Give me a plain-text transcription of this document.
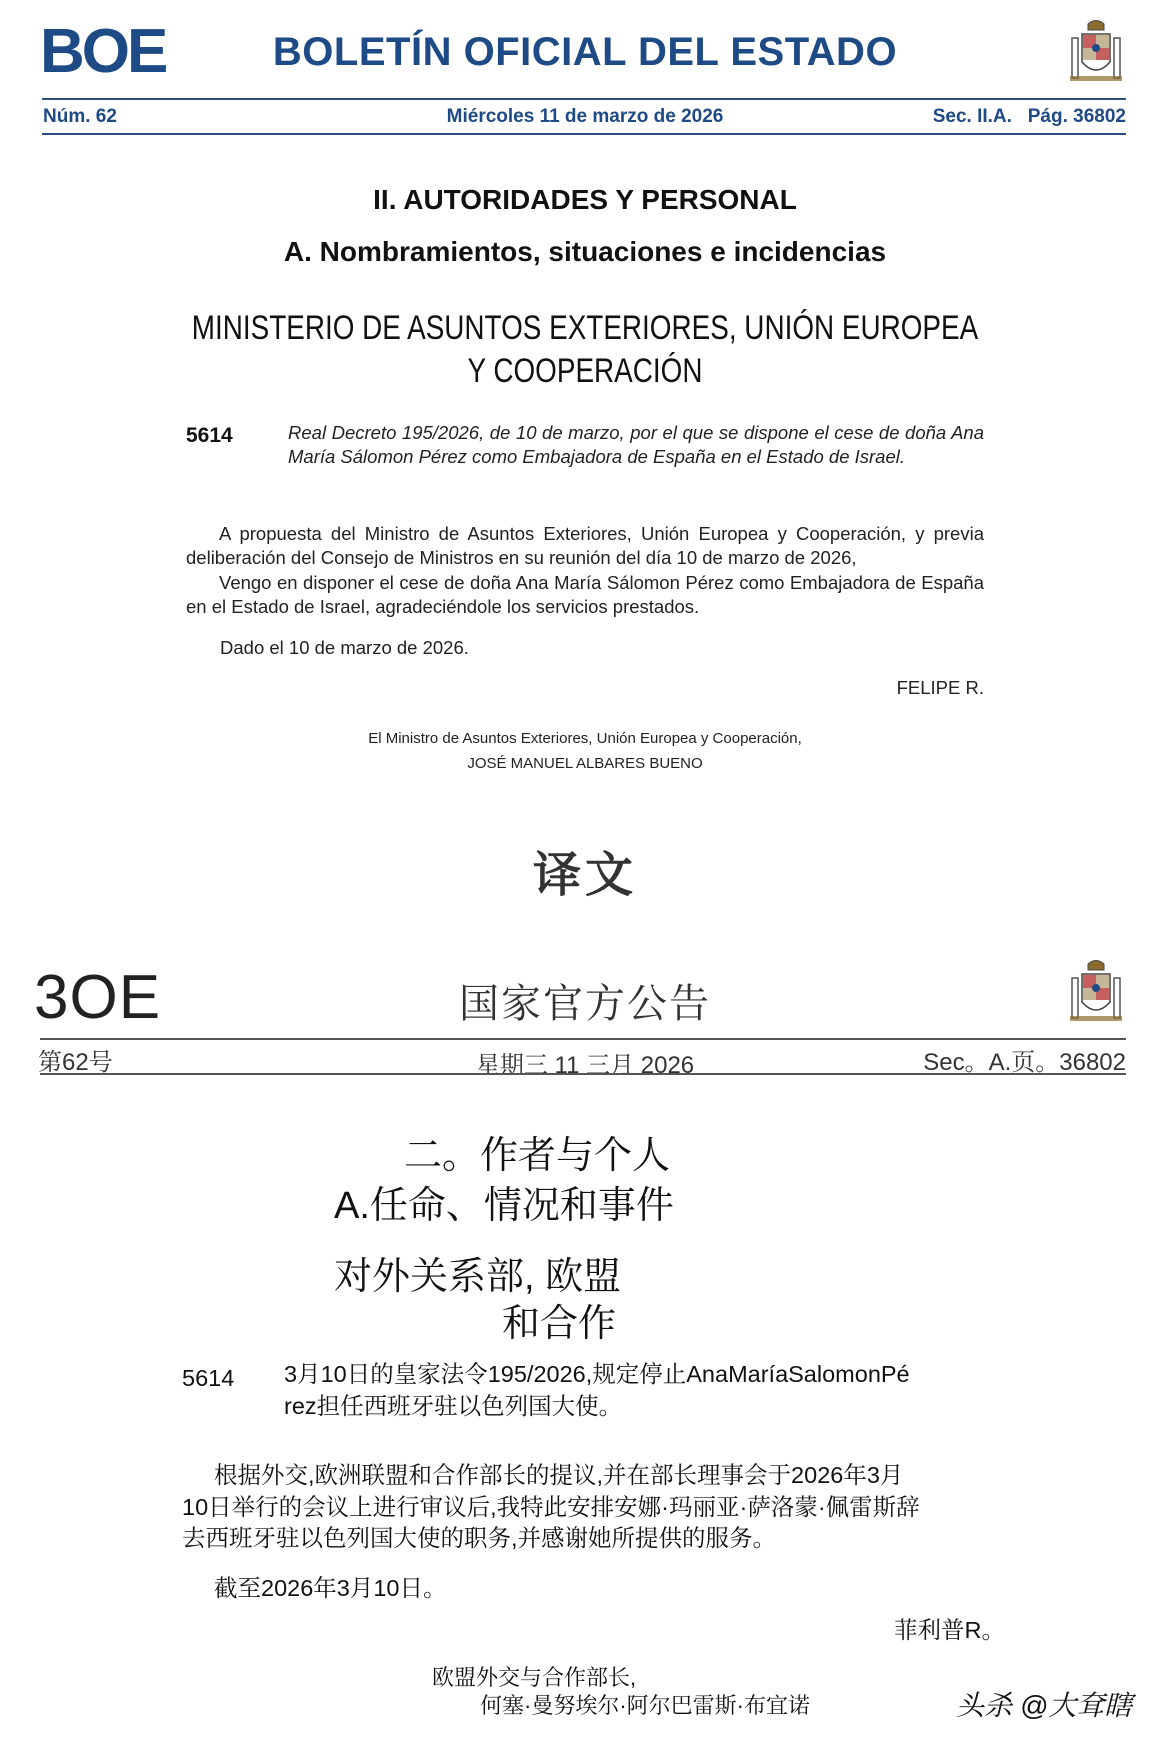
BOE	BOLETÍN OFICIAL DEL ESTADO
Núm. 62	Miércoles 11 de marzo de 2026	Sec. II.A.   Pág. 36802
II. AUTORIDADES Y PERSONAL
A. Nombramientos, situaciones e incidencias
MINISTERIO DE ASUNTOS EXTERIORES, UNIÓN EUROPEA
Y COOPERACIÓN
5614	Real Decreto 195/2026, de 10 de marzo, por el que se dispone el cese de doña Ana María Sálomon Pérez como Embajadora de España en el Estado de Israel.
A propuesta del Ministro de Asuntos Exteriores, Unión Europea y Cooperación, y previa deliberación del Consejo de Ministros en su reunión del día 10 de marzo de 2026,
Vengo en disponer el cese de doña Ana María Sálomon Pérez como Embajadora de España en el Estado de Israel, agradeciéndole los servicios prestados.
Dado el 10 de marzo de 2026.
FELIPE R.
El Ministro de Asuntos Exteriores, Unión Europea y Cooperación,
JOSÉ MANUEL ALBARES BUENO
译文
3OE	国家官方公告
第62号	星期三 11 三月 2026	Sec。A.页。36802
二。作者与个人
A.任命、情况和事件
对外关系部, 欧盟
和合作
5614 3月10日的皇家法令195/2026,规定停止AnaMaríaSalomonPé
rez担任西班牙驻以色列国大使。
根据外交,欧洲联盟和合作部长的提议,并在部长理事会于2026年3月
10日举行的会议上进行审议后,我特此安排安娜·玛丽亚·萨洛蒙·佩雷斯辞
去西班牙驻以色列国大使的职务,并感谢她所提供的服务。
截至2026年3月10日。
菲利普R。
欧盟外交与合作部长,
何塞·曼努埃尔·阿尔巴雷斯·布宜诺	头杀 @大耷瞎
